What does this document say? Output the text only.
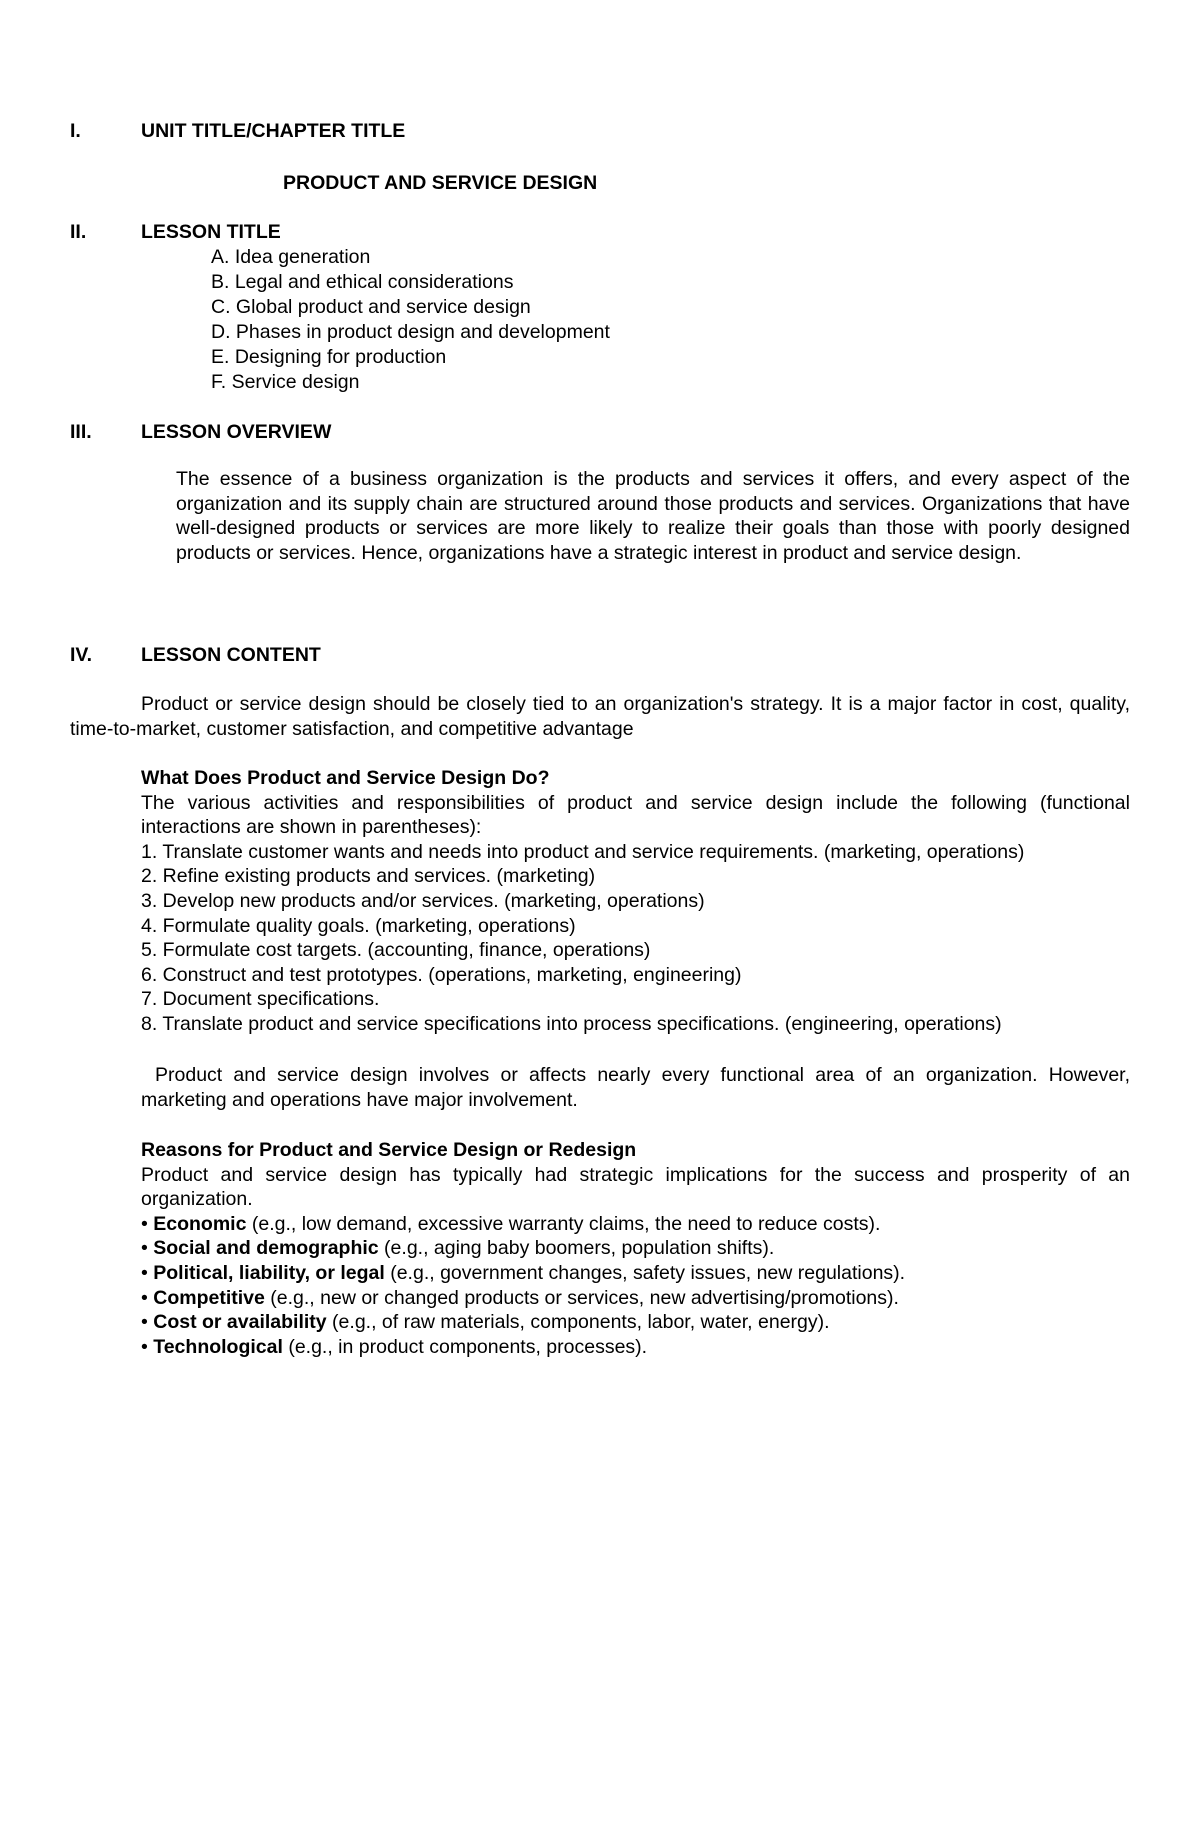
I.	UNIT TITLE/CHAPTER TITLE
PRODUCT AND SERVICE DESIGN
II.	LESSON TITLE
A. Idea generation
B. Legal and ethical considerations
C. Global product and service design
D. Phases in product design and development
E. Designing for production
F. Service design
III.	LESSON OVERVIEW
The essence of a business organization is the products and services it offers, and every aspect of the organization and its supply chain are structured around those products and services. Organizations that have well-designed products or services are more likely to realize their goals than those with poorly designed products or services. Hence, organizations have a strategic interest in product and service design.
IV.	LESSON CONTENT
Product or service design should be closely tied to an organization's strategy. It is a major factor in cost, quality, time-to-market, customer satisfaction, and competitive advantage
What Does Product and Service Design Do?
The various activities and responsibilities of product and service design include the following (functional interactions are shown in parentheses):
1. Translate customer wants and needs into product and service requirements. (marketing, operations)
2. Refine existing products and services. (marketing)
3. Develop new products and/or services. (marketing, operations)
4. Formulate quality goals. (marketing, operations)
5. Formulate cost targets. (accounting, finance, operations)
6. Construct and test prototypes. (operations, marketing, engineering)
7. Document specifications.
8. Translate product and service specifications into process specifications. (engineering, operations)
Product and service design involves or affects nearly every functional area of an organization. However, marketing and operations have major involvement.
Reasons for Product and Service Design or Redesign
Product and service design has typically had strategic implications for the success and prosperity of an organization.
• Economic (e.g., low demand, excessive warranty claims, the need to reduce costs).
• Social and demographic (e.g., aging baby boomers, population shifts).
• Political, liability, or legal (e.g., government changes, safety issues, new regulations).
• Competitive (e.g., new or changed products or services, new advertising/promotions).
• Cost or availability (e.g., of raw materials, components, labor, water, energy).
• Technological (e.g., in product components, processes).
